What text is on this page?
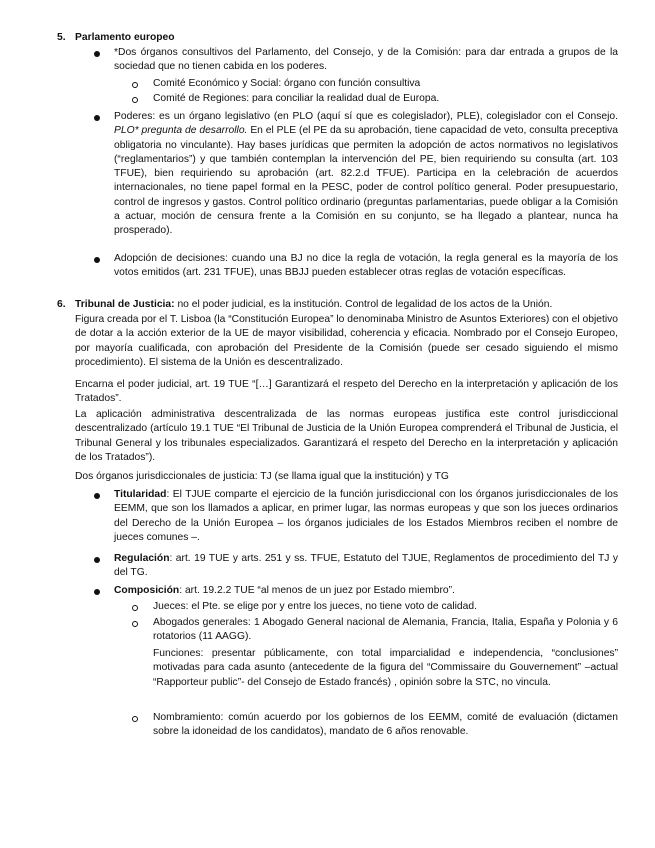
5. Parlamento europeo
*Dos órganos consultivos del Parlamento, del Consejo, y de la Comisión: para dar entrada a grupos de la sociedad que no tienen cabida en los poderes.
Comité Económico y Social: órgano con función consultiva
Comité de Regiones: para conciliar la realidad dual de Europa.
Poderes: es un órgano legislativo (en PLO (aquí sí que es colegislador), PLE), colegislador con el Consejo. PLO* pregunta de desarrollo. En el PLE (el PE da su aprobación, tiene capacidad de veto, consulta preceptiva obligatoria no vinculante). Hay bases jurídicas que permiten la adopción de actos normativos no legislativos (“reglamentarios”) y que también contemplan la intervención del PE, bien requiriendo su consulta (art. 103 TFUE), bien requiriendo su aprobación (art. 82.2.d TFUE). Participa en la celebración de acuerdos internacionales, no tiene papel formal en la PESC, poder de control político general. Poder presupuestario, control de ingresos y gastos. Control político ordinario (preguntas parlamentarias, puede obligar a la Comisión a actuar, moción de censura frente a la Comisión en su conjunto, se ha llegado a plantear, nunca ha prosperado).
Adopción de decisiones: cuando una BJ no dice la regla de votación, la regla general es la mayoría de los votos emitidos (art. 231 TFUE), unas BBJJ pueden establecer otras reglas de votación específicas.
6. Tribunal de Justicia: no el poder judicial, es la institución. Control de legalidad de los actos de la Unión.
Figura creada por el T. Lisboa (la “Constitución Europea” lo denominaba Ministro de Asuntos Exteriores) con el objetivo de dotar a la acción exterior de la UE de mayor visibilidad, coherencia y eficacia. Nombrado por el Consejo Europeo, por mayoría cualificada, con aprobación del Presidente de la Comisión (puede ser cesado siguiendo el mismo procedimiento). El sistema de la Unión es descentralizado.
Encarna el poder judicial, art. 19 TUE “[…] Garantizará el respeto del Derecho en la interpretación y aplicación de los Tratados”.
La aplicación administrativa descentralizada de las normas europeas justifica este control jurisdiccional descentralizado (artículo 19.1 TUE “El Tribunal de Justicia de la Unión Europea comprenderá el Tribunal de Justicia, el Tribunal General y los tribunales especializados. Garantizará el respeto del Derecho en la interpretación y aplicación de los Tratados”).
Dos órganos jurisdiccionales de justicia: TJ (se llama igual que la institución) y TG
Titularidad: El TJUE comparte el ejercicio de la función jurisdiccional con los órganos jurisdiccionales de los EEMM, que son los llamados a aplicar, en primer lugar, las normas europeas y que son los jueces ordinarios del Derecho de la Unión Europea – los órganos judiciales de los Estados Miembros reciben el nombre de jueces comunes –.
Regulación: art. 19 TUE y arts. 251 y ss. TFUE, Estatuto del TJUE, Reglamentos de procedimiento del TJ y del TG.
Composición: art. 19.2.2 TUE “al menos de un juez por Estado miembro”.
Jueces: el Pte. se elige por y entre los jueces, no tiene voto de calidad.
Abogados generales: 1 Abogado General nacional de Alemania, Francia, Italia, España y Polonia y 6 rotatorios (11 AAGG).
Funciones: presentar públicamente, con total imparcialidad e independencia, “conclusiones” motivadas para cada asunto (antecedente de la figura del “Commissaire du Gouvernement” –actual “Rapporteur public”- del Consejo de Estado francés) , opinión sobre la STC, no vincula.
Nombramiento: común acuerdo por los gobiernos de los EEMM, comité de evaluación (dictamen sobre la idoneidad de los candidatos), mandato de 6 años renovable.
